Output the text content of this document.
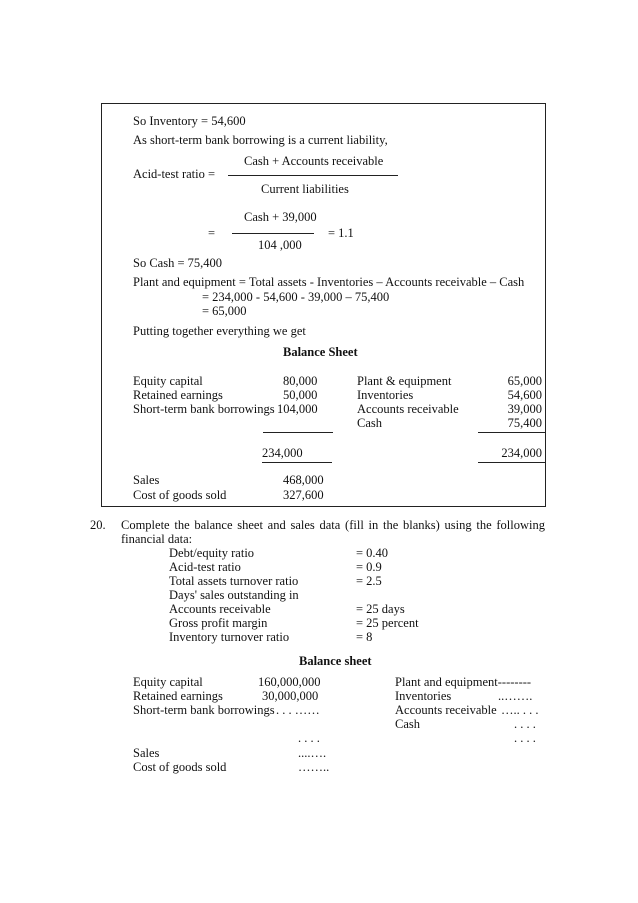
So Inventory = 54,600
As short-term bank borrowing is a current liability,
Cash + Accounts receivable
Acid-test ratio =
Current liabilities
Cash + 39,000
=	= 1.1
104 ,000
So Cash = 75,400
Plant and equipment = Total assets - Inventories – Accounts receivable – Cash
= 234,000 - 54,600 - 39,000 – 75,400
= 65,000
Putting together everything we get
Balance Sheet
Equity capital	80,000
Retained earnings	50,000
Short-term bank borrowings 104,000
234,000
Plant & equipment	65,000
Inventories	54,600
Accounts receivable	39,000
Cash	75,400
234,000
Sales	468,000
Cost of goods sold	327,600
20. Complete the balance sheet and sales data (fill in the blanks) using the following
financial data:
Debt/equity ratio	= 0.40
Acid-test ratio	= 0.9
Total assets turnover ratio	= 2.5
Days' sales outstanding in
Accounts receivable	= 25 days
Gross profit margin	= 25 percent
Inventory turnover ratio	= 8
Balance sheet
Equity capital	160,000,000
Retained earnings	30,000,000
Short-term bank borrowings . . . ……
Plant and equipment--------
Inventories	..…….
Accounts receivable ….. . . .
Cash	. . . .
. . . .	. . . .
Sales	....….
Cost of goods sold	……..
